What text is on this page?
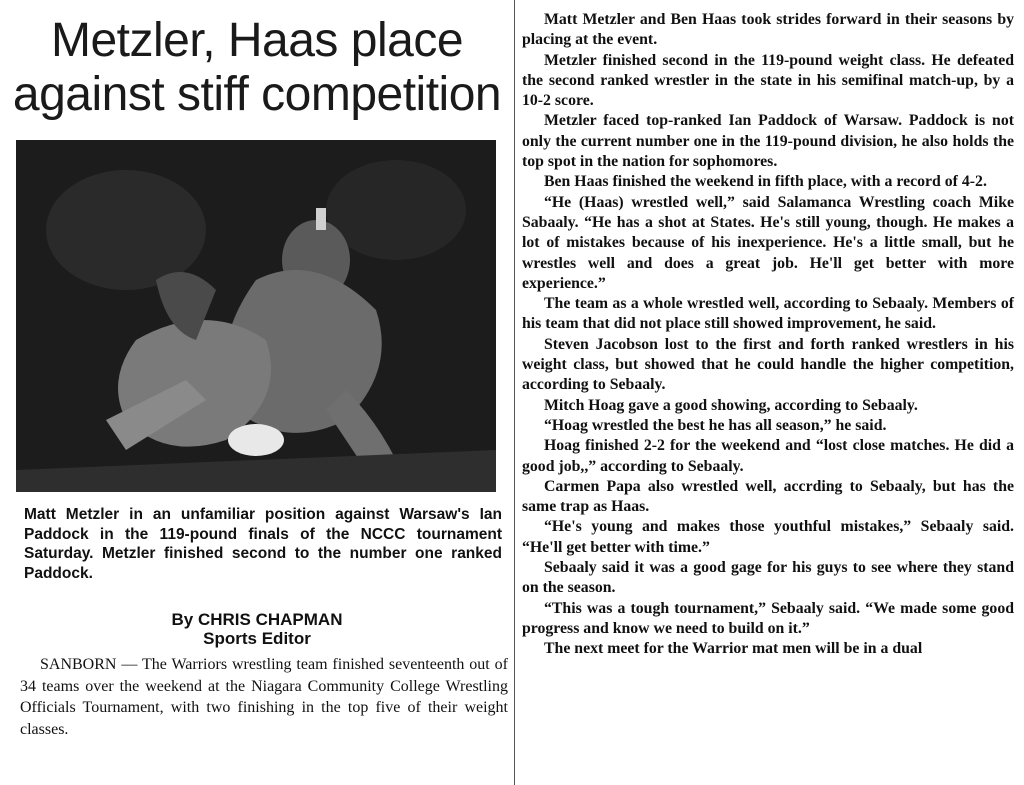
Metzler, Haas place
against stiff competition
Matt Metzler in an unfamiliar position against Warsaw's Ian Paddock in the 119-pound finals of the NCCC tournament Saturday. Metzler finished second to the number one ranked Paddock.
By CHRIS CHAPMAN
Sports Editor

SANBORN — The Warriors wrestling team finished seventeenth out of 34 teams over the weekend at the Niagara Community College Wrestling Officials Tournament, with two finishing in the top five of their weight classes.

Matt Metzler and Ben Haas took strides forward in their seasons by placing at the event.

Metzler finished second in the 119-pound weight class. He defeated the second ranked wrestler in the state in his semifinal match-up, by a 10-2 score.

Metzler faced top-ranked Ian Paddock of Warsaw. Paddock is not only the current number one in the 119-pound division, he also holds the top spot in the nation for sophomores.

Ben Haas finished the weekend in fifth place, with a record of 4-2.

“He (Haas) wrestled well,” said Salamanca Wrestling coach Mike Sabaaly. “He has a shot at States. He's still young, though. He makes a lot of mistakes because of his inexperience. He's a little small, but he wrestles well and does a great job. He'll get better with more experience.”

The team as a whole wrestled well, according to Sebaaly. Members of his team that did not place still showed improvement, he said.

Steven Jacobson lost to the first and forth ranked wrestlers in his weight class, but showed that he could handle the higher competition, according to Sebaaly.

Mitch Hoag gave a good showing, according to Sebaaly.

“Hoag wrestled the best he has all season,” he said.

Hoag finished 2-2 for the weekend and “lost close matches. He did a good job,,” according to Sebaaly.

Carmen Papa also wrestled well, accrding to Sebaaly, but has the same trap as Haas.

“He's young and makes those youthful mistakes,” Sebaaly said. “He'll get better with time.”

Sebaaly said it was a good gage for his guys to see where they stand on the season.

“This was a tough tournament,” Sebaaly said. “We made some good progress and know we need to build on it.”

The next meet for the Warrior mat men will be in a dual
